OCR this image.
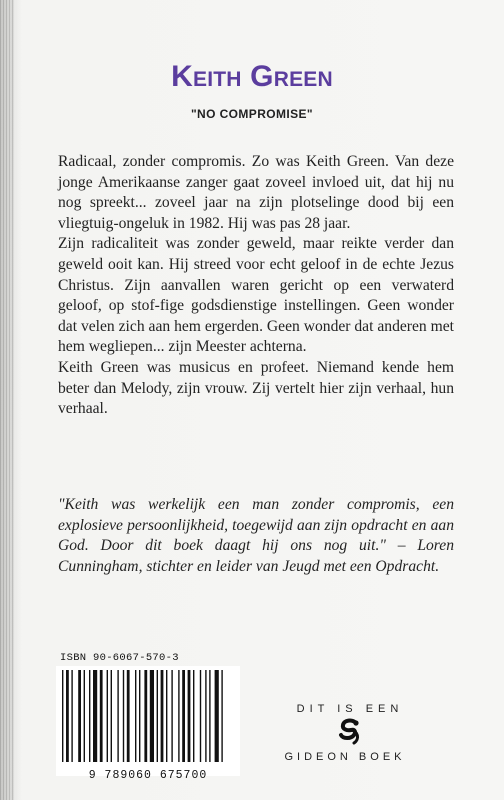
Keith Green
"NO COMPROMISE"

Radicaal, zonder compromis. Zo was Keith Green. Van deze jonge Amerikaanse zanger gaat zoveel invloed uit, dat hij nu nog spreekt... zoveel jaar na zijn plotselinge dood bij een vliegtuig-ongeluk in 1982. Hij was pas 28 jaar.

Zijn radicaliteit was zonder geweld, maar reikte verder dan geweld ooit kan. Hij streed voor echt geloof in de echte Jezus Christus. Zijn aanvallen waren gericht op een verwaterd geloof, op stof-fige godsdienstige instellingen. Geen wonder dat velen zich aan hem ergerden. Geen wonder dat anderen met hem wegliepen... zijn Meester achterna.

Keith Green was musicus en profeet. Niemand kende hem beter dan Melody, zijn vrouw. Zij vertelt hier zijn verhaal, hun verhaal.

"Keith was werkelijk een man zonder compromis, een explosieve persoonlijkheid, toegewijd aan zijn opdracht en aan God. Door dit boek daagt hij ons nog uit." – Loren Cunningham, stichter en leider van Jeugd met een Opdracht.
ISBN 90-6067-570-3
9 789060 675700
DIT IS EEN
GIDEON BOEK
